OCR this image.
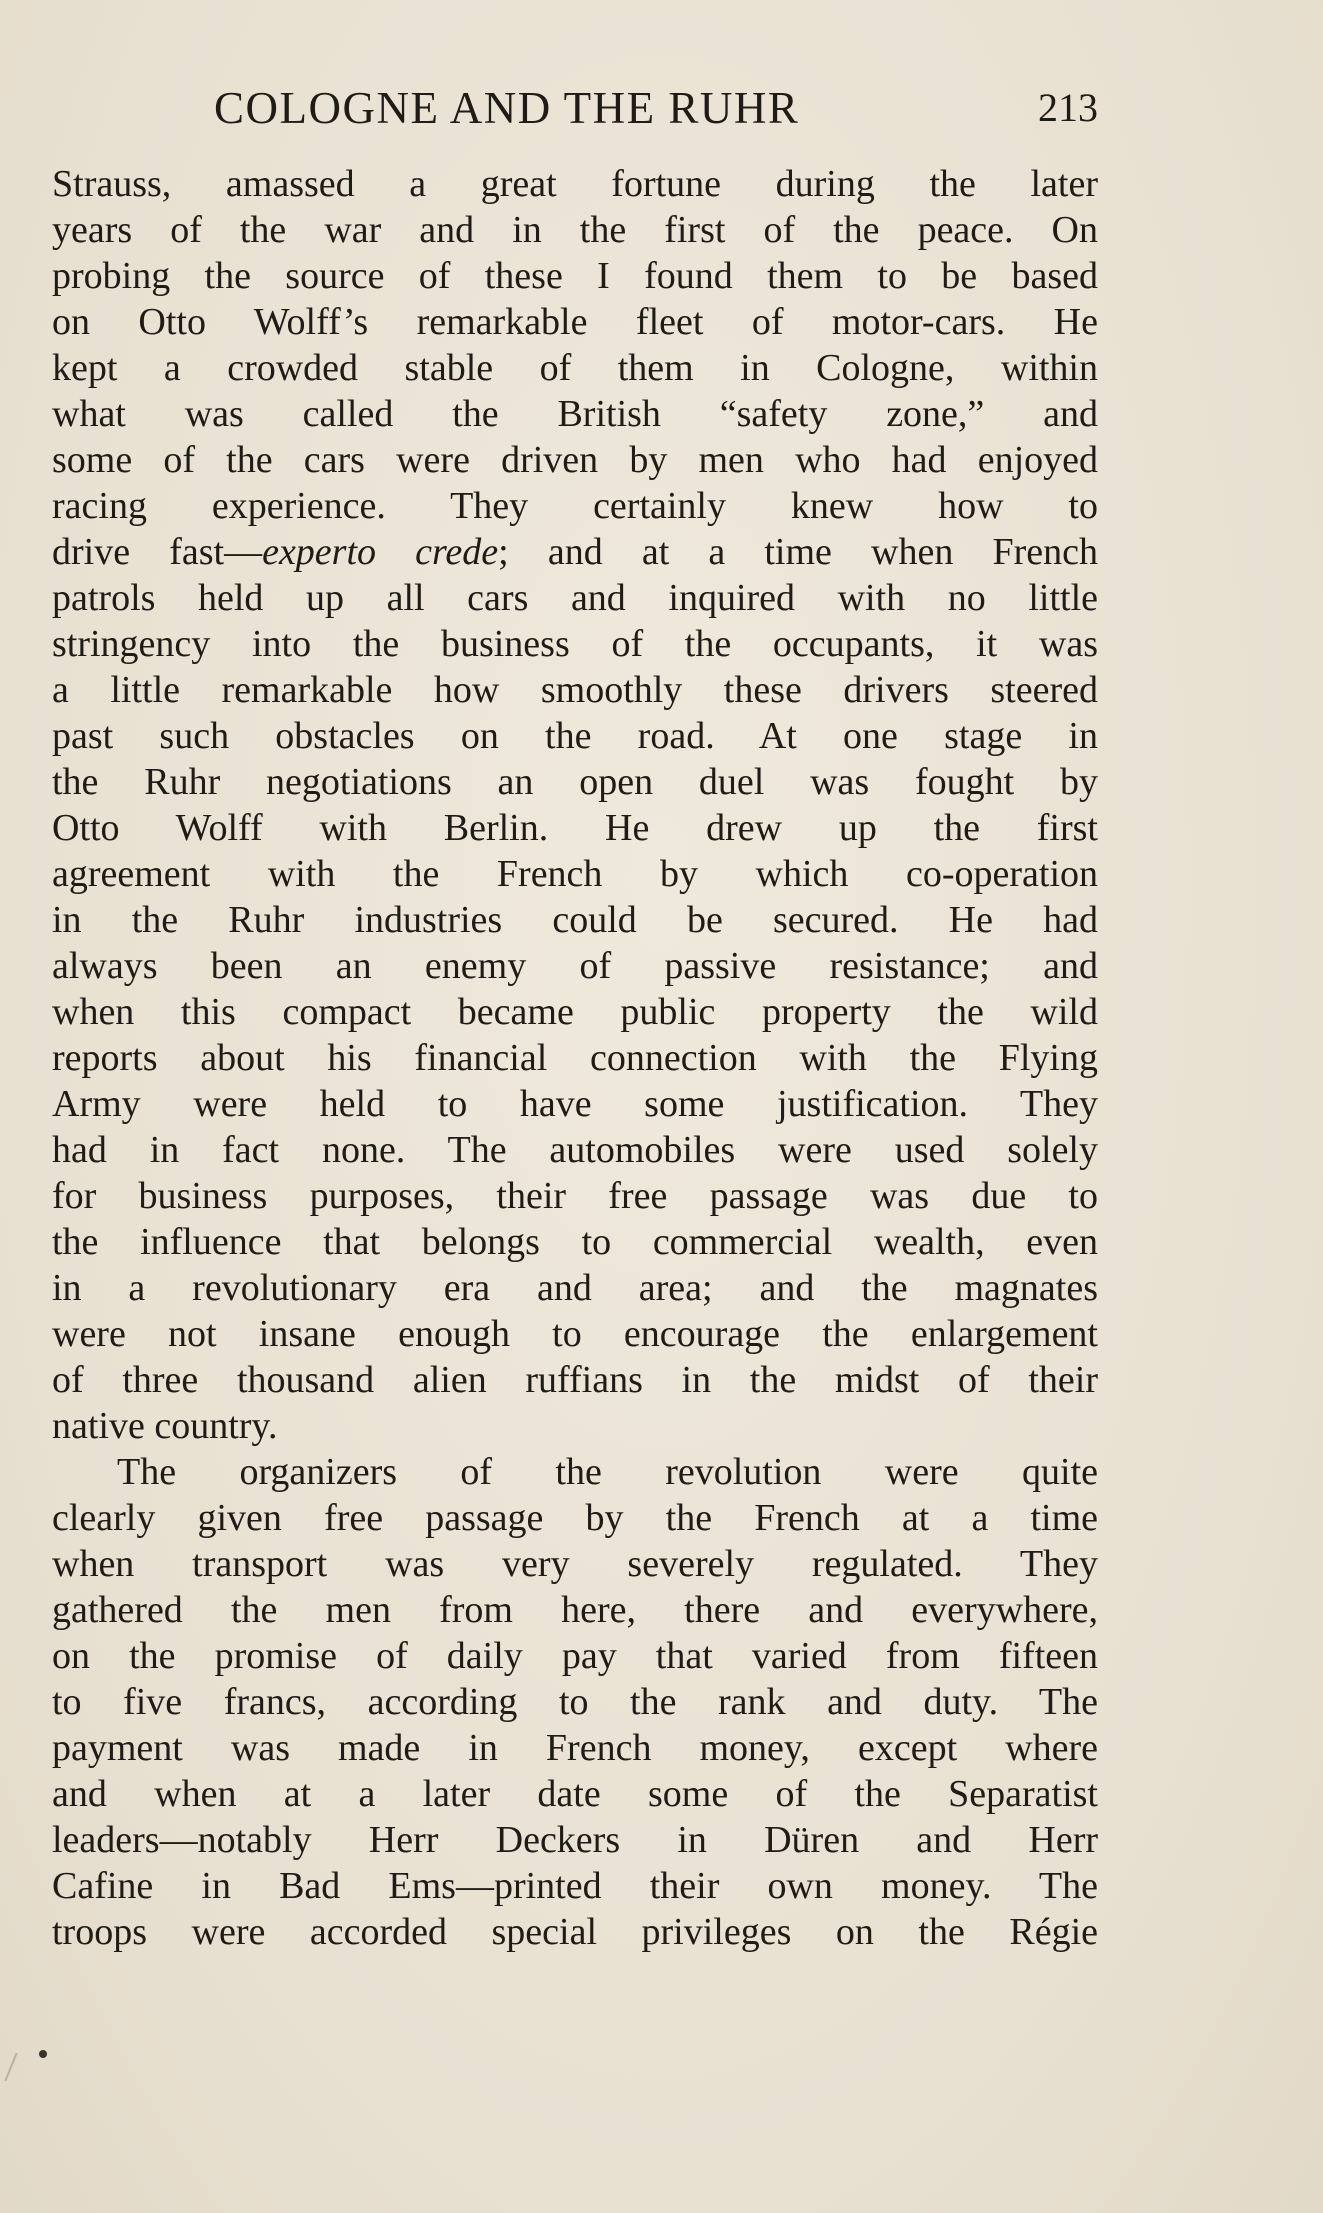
COLOGNE AND THE RUHR	213
Strauss, amassed a great fortune during the later
years of the war and in the first of the peace. On
probing the source of these I found them to be based
on Otto Wolff’s remarkable fleet of motor-cars. He
kept a crowded stable of them in Cologne, within
what was called the British “safety zone,” and
some of the cars were driven by men who had enjoyed
racing experience. They certainly knew how to
drive fast—experto crede; and at a time when French
patrols held up all cars and inquired with no little
stringency into the business of the occupants, it was
a little remarkable how smoothly these drivers steered
past such obstacles on the road. At one stage in
the Ruhr negotiations an open duel was fought by
Otto Wolff with Berlin. He drew up the first
agreement with the French by which co-operation
in the Ruhr industries could be secured. He had
always been an enemy of passive resistance; and
when this compact became public property the wild
reports about his financial connection with the Flying
Army were held to have some justification. They
had in fact none. The automobiles were used solely
for business purposes, their free passage was due to
the influence that belongs to commercial wealth, even
in a revolutionary era and area; and the magnates
were not insane enough to encourage the enlargement
of three thousand alien ruffians in the midst of their
native country.
The organizers of the revolution were quite
clearly given free passage by the French at a time
when transport was very severely regulated. They
gathered the men from here, there and everywhere,
on the promise of daily pay that varied from fifteen
to five francs, according to the rank and duty. The
payment was made in French money, except where
and when at a later date some of the Separatist
leaders—notably Herr Deckers in Düren and Herr
Cafine in Bad Ems—printed their own money. The
troops were accorded special privileges on the Régie
